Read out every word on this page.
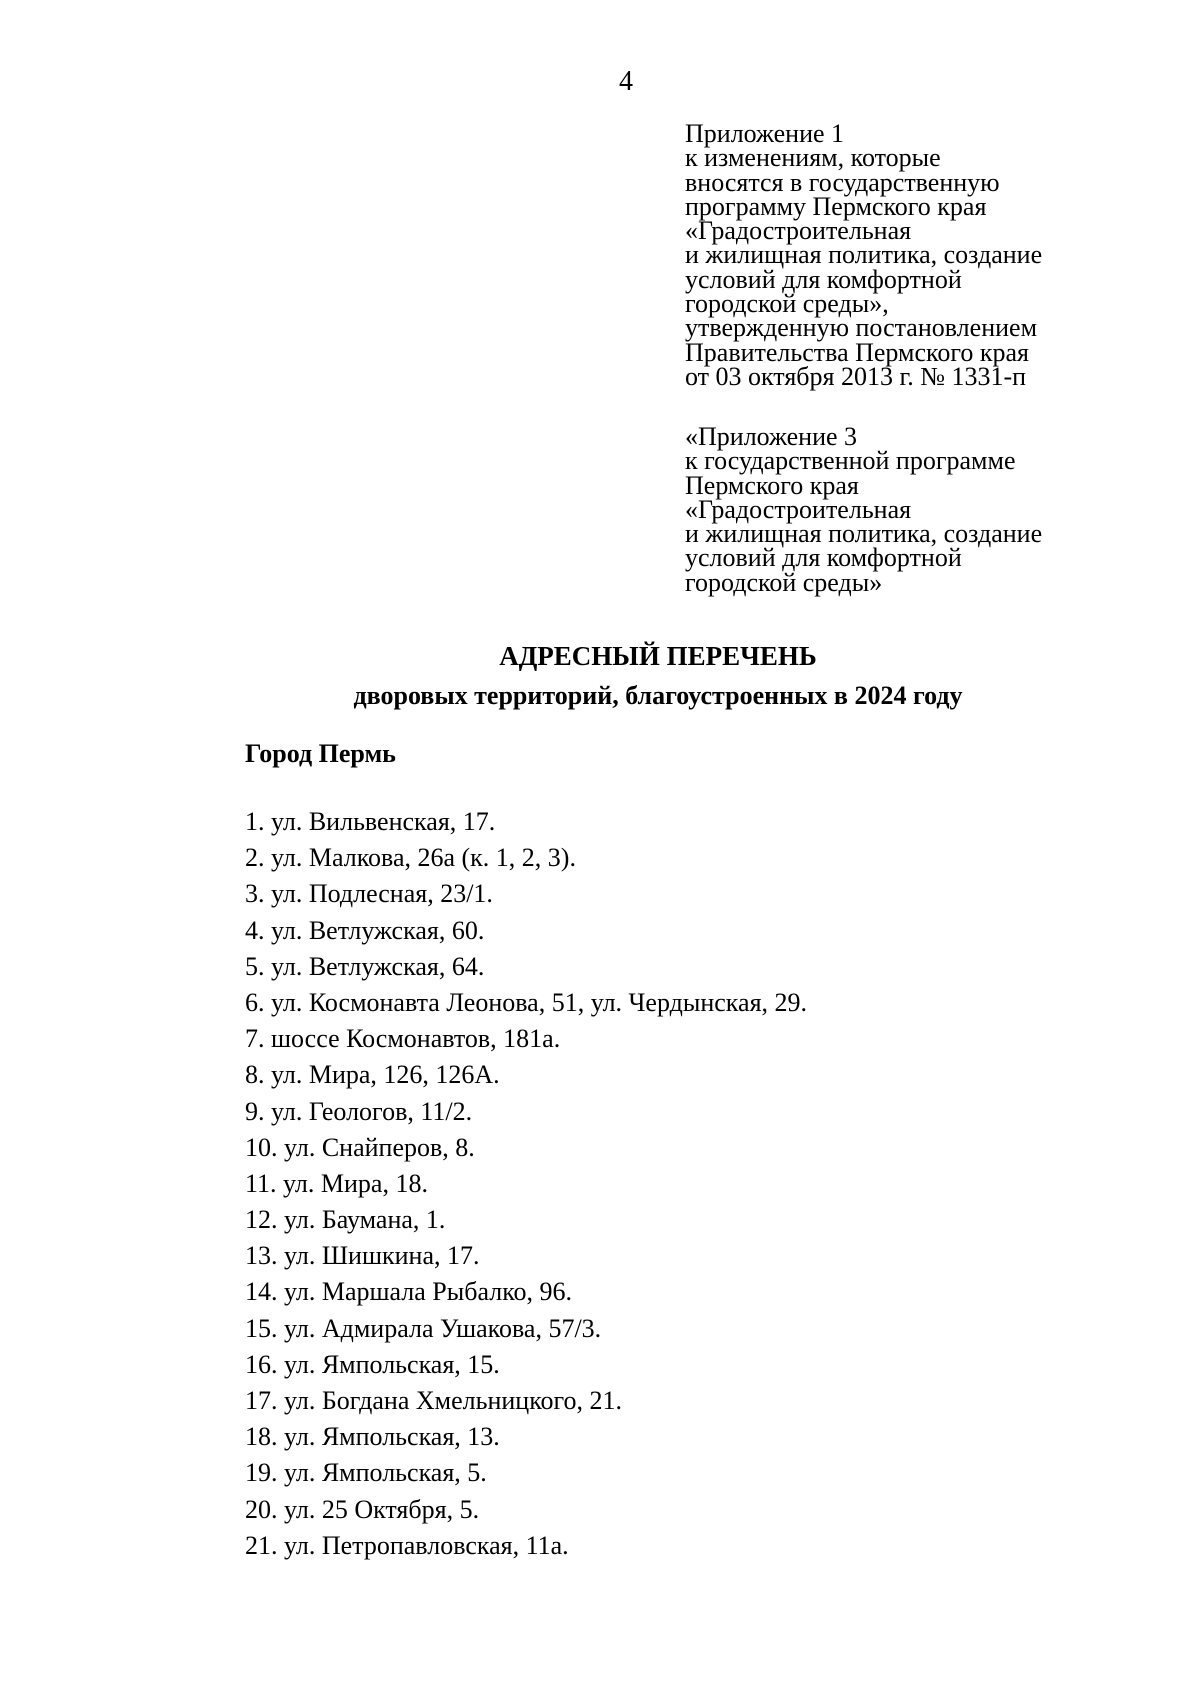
4
Приложение 1
к изменениям, которые
вносятся в государственную
программу Пермского края
«Градостроительная
и жилищная политика, создание
условий для комфортной
городской среды»,
утвержденную постановлением
Правительства Пермского края
от 03 октября 2013 г. № 1331-п
«Приложение 3
к государственной программе
Пермского края
«Градостроительная
и жилищная политика, создание
условий для комфортной
городской среды»
АДРЕСНЫЙ ПЕРЕЧЕНЬ
дворовых территорий, благоустроенных в 2024 году
Город Пермь
1. ул. Вильвенская, 17.
2. ул. Малкова, 26а (к. 1, 2, 3).
3. ул. Подлесная, 23/1.
4. ул. Ветлужская, 60.
5. ул. Ветлужская, 64.
6. ул. Космонавта Леонова, 51, ул. Чердынская, 29.
7. шоссе Космонавтов, 181а.
8. ул. Мира, 126, 126А.
9. ул. Геологов, 11/2.
10. ул. Снайперов, 8.
11. ул. Мира, 18.
12. ул. Баумана, 1.
13. ул. Шишкина, 17.
14. ул. Маршала Рыбалко, 96.
15. ул. Адмирала Ушакова, 57/3.
16. ул. Ямпольская, 15.
17. ул. Богдана Хмельницкого, 21.
18. ул. Ямпольская, 13.
19. ул. Ямпольская, 5.
20. ул. 25 Октября, 5.
21. ул. Петропавловская, 11а.
